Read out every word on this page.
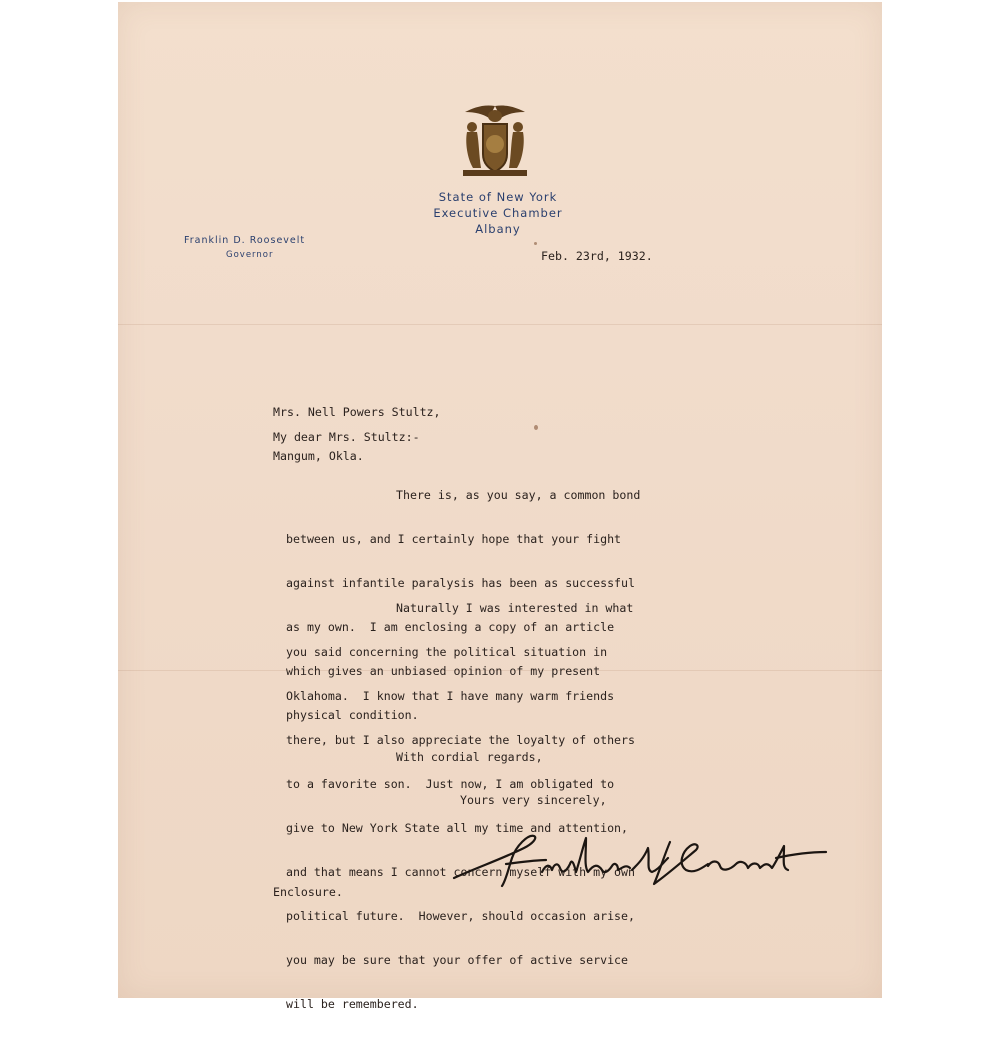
State of New York
Executive Chamber
Albany
Franklin D. Roosevelt
Governor	Feb. 23rd, 1932.

Mrs. Nell Powers Stultz,

Mangum, Okla.

My dear Mrs. Stultz:-

There is, as you say, a common bond

between us, and I certainly hope that your fight

against infantile paralysis has been as successful

as my own.  I am enclosing a copy of an article

which gives an unbiased opinion of my present

physical condition.

Naturally I was interested in what

you said concerning the political situation in

Oklahoma.  I know that I have many warm friends

there, but I also appreciate the loyalty of others

to a favorite son.  Just now, I am obligated to

give to New York State all my time and attention,

and that means I cannot concern myself with my own

political future.  However, should occasion arise,

you may be sure that your offer of active service

will be remembered.

With cordial regards,
Yours very sincerely,
Enclosure.
